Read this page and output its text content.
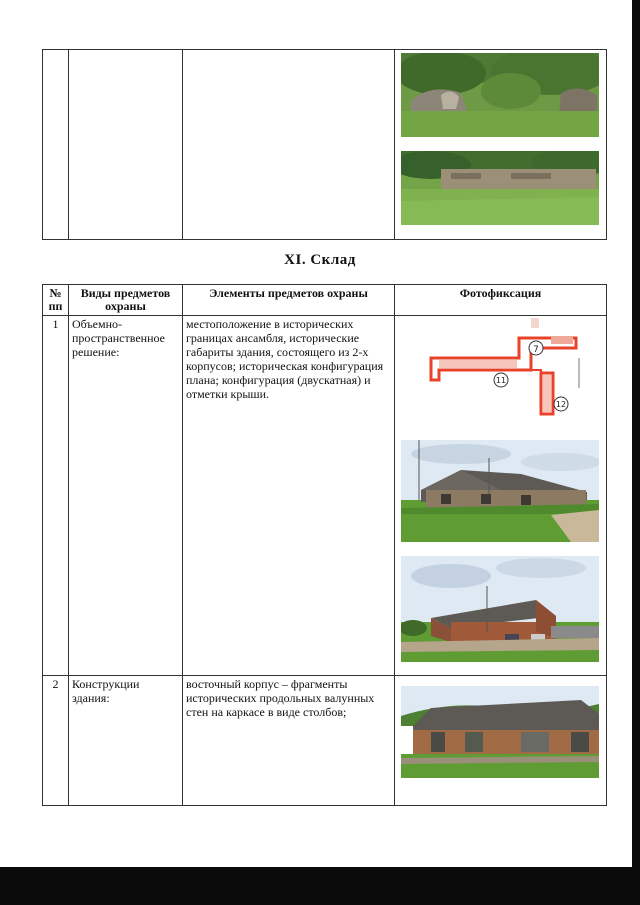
XI. Склад
№ пп	Виды предметов охраны	Элементы предметов охраны	Фотофиксация
1	Объемно-пространственное решение:	местоположение в исторических границах ансамбля, исторические габариты здания, состоящего из 2-х корпусов; историческая конфигурация плана; конфигурация (двускатная) и отметки крыши.	7
11
12

2	Конструкции здания:	восточный корпус – фрагменты исторических продольных валунных стен на каркасе в виде столбов;	
